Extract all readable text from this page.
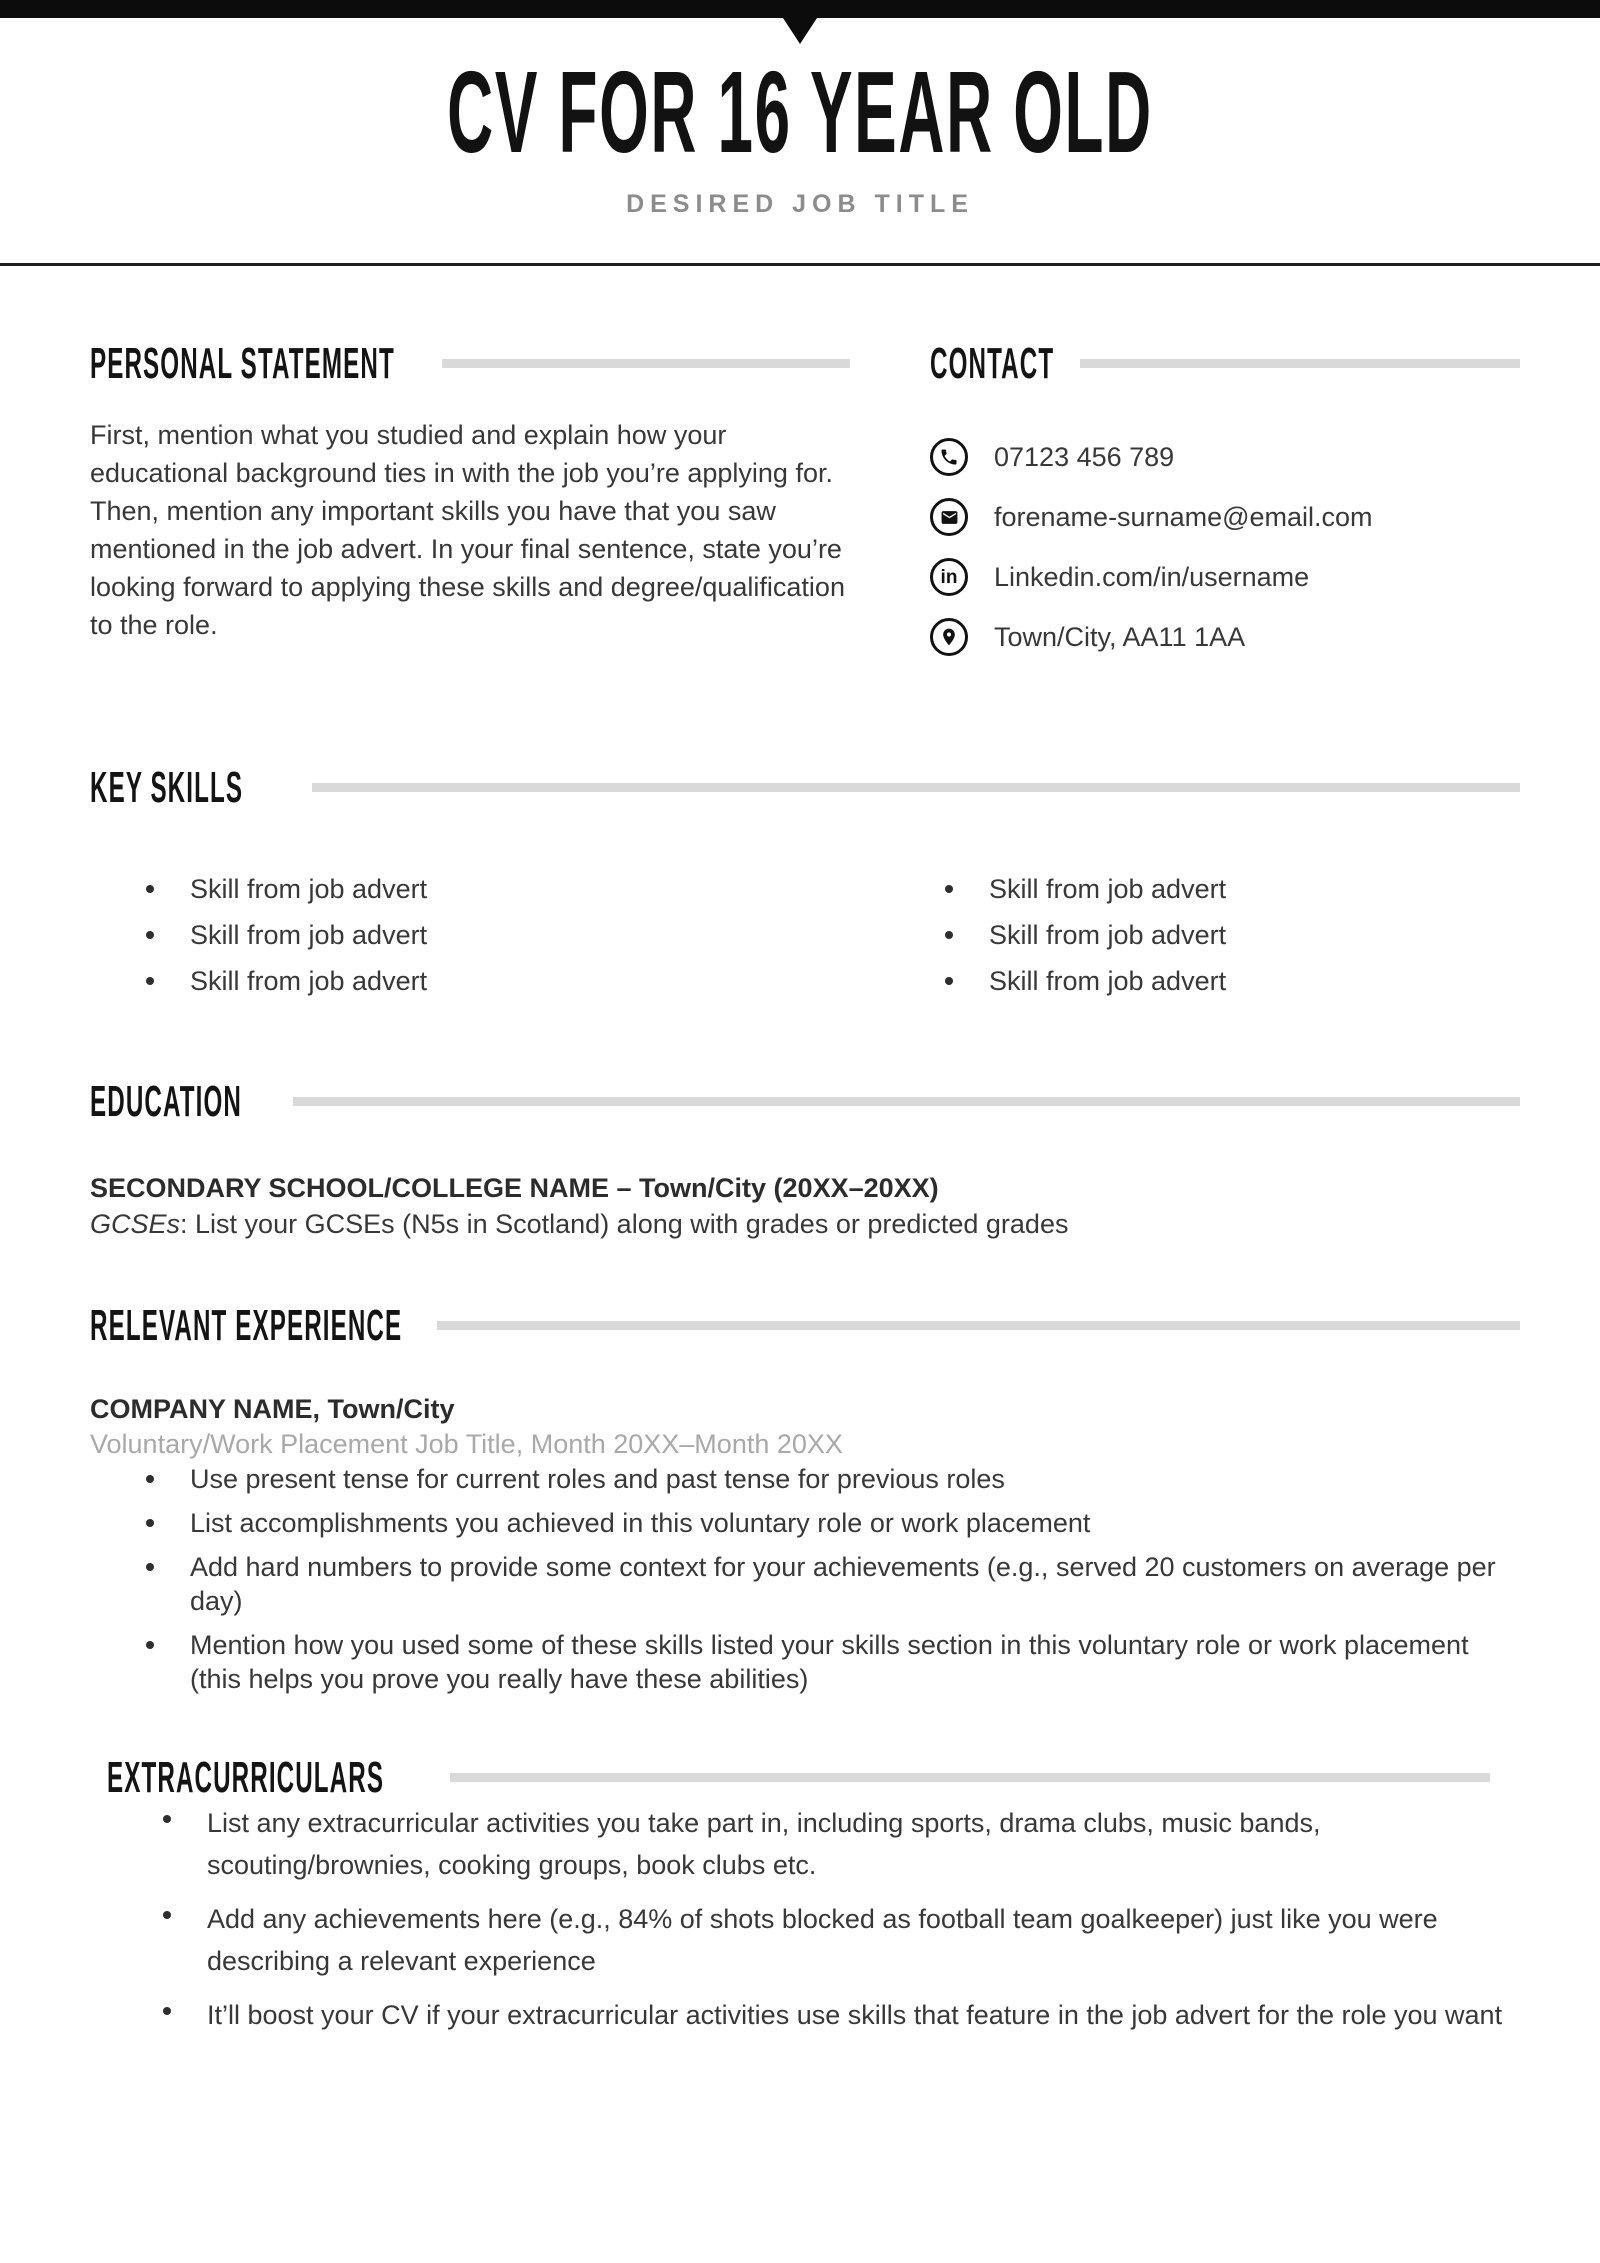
CV FOR 16 YEAR OLD
DESIRED JOB TITLE
PERSONAL STATEMENT

First, mention what you studied and explain how your educational background ties in with the job you’re applying for. Then, mention any important skills you have that you saw mentioned in the job advert. In your final sentence, state you’re looking forward to applying these skills and degree/qualification to the role.

CONTACT
07123 456 789
forename-surname@email.com
in Linkedin.com/in/username
Town/City, AA11 1AA
KEY SKILLS
Skill from job advert
Skill from job advert
Skill from job advert
Skill from job advert
Skill from job advert
Skill from job advert
EDUCATION
SECONDARY SCHOOL/COLLEGE NAME – Town/City (20XX–20XX)
GCSEs: List your GCSEs (N5s in Scotland) along with grades or predicted grades
RELEVANT EXPERIENCE
COMPANY NAME, Town/City
Voluntary/Work Placement Job Title, Month 20XX–Month 20XX
Use present tense for current roles and past tense for previous roles
List accomplishments you achieved in this voluntary role or work placement
Add hard numbers to provide some context for your achievements (e.g., served 20 customers on average per day)
Mention how you used some of these skills listed your skills section in this voluntary role or work placement (this helps you prove you really have these abilities)
EXTRACURRICULARS
List any extracurricular activities you take part in, including sports, drama clubs, music bands, scouting/brownies, cooking groups, book clubs etc.
Add any achievements here (e.g., 84% of shots blocked as football team goalkeeper) just like you were describing a relevant experience
It’ll boost your CV if your extracurricular activities use skills that feature in the job advert for the role you want
